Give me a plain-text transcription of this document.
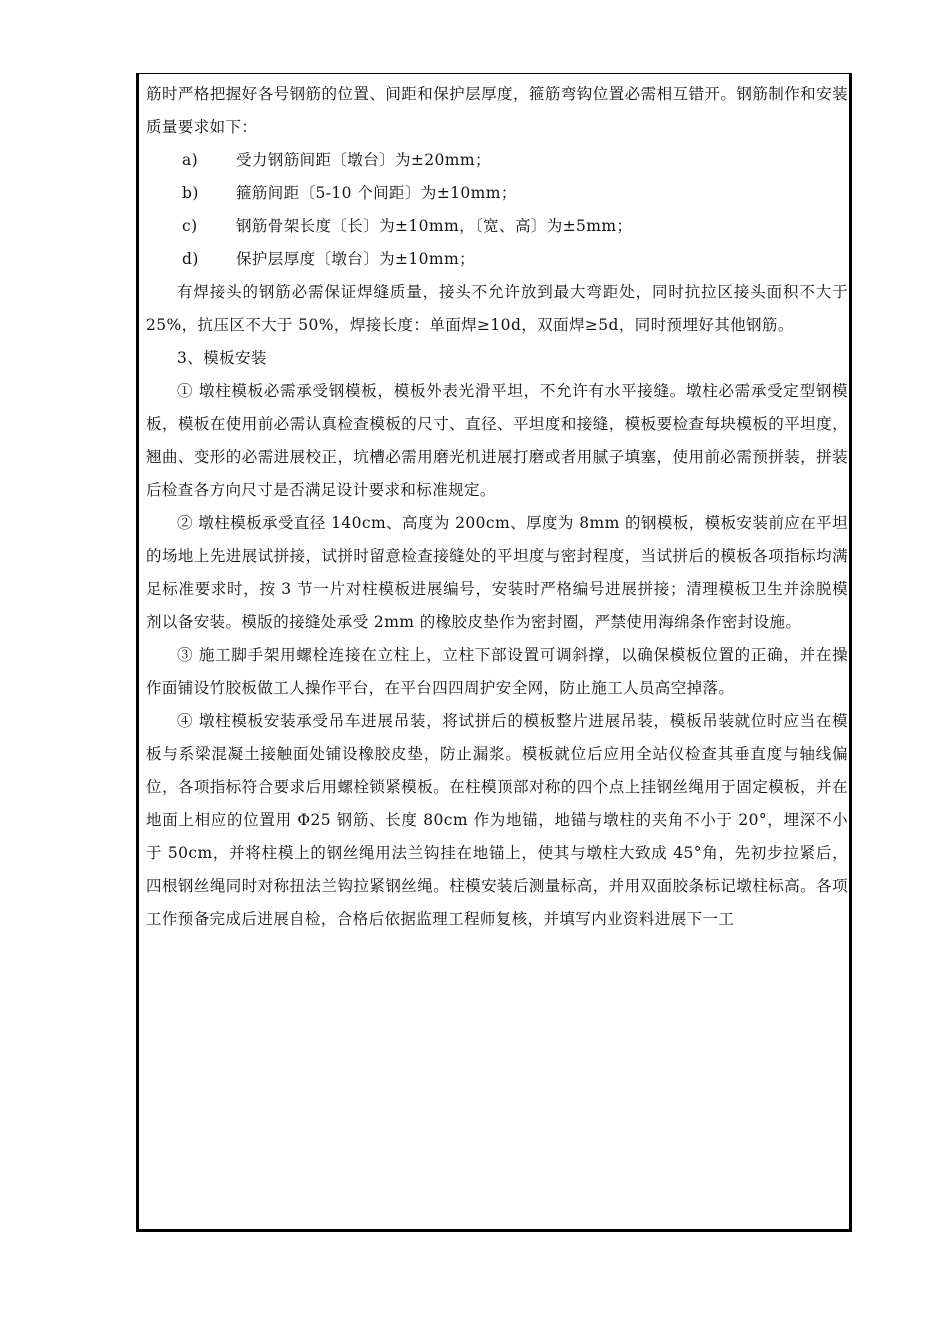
筋时严格把握好各号钢筋的位置、间距和保护层厚度，箍筋弯钩位置必需相互错开。钢筋制作和安装质量要求如下：

a)	受力钢筋间距〔墩台〕为±20mm；
b)	箍筋间距〔5-10 个间距〕为±10mm；
c)	钢筋骨架长度〔长〕为±10mm，〔宽、高〕为±5mm；
d)	保护层厚度〔墩台〕为±10mm；

有焊接头的钢筋必需保证焊缝质量，接头不允许放到最大弯距处，同时抗拉区接头面积不大于 25%，抗压区不大于 50%，焊接长度：单面焊≥10d，双面焊≥5d，同时预埋好其他钢筋。

3、模板安装

① 墩柱模板必需承受钢模板，模板外表光滑平坦，不允许有水平接缝。墩柱必需承受定型钢模板，模板在使用前必需认真检查模板的尺寸、直径、平坦度和接缝，模板要检查每块模板的平坦度，翘曲、变形的必需进展校正，坑槽必需用磨光机进展打磨或者用腻子填塞，使用前必需预拼装，拼装后检查各方向尺寸是否满足设计要求和标准规定。

② 墩柱模板承受直径 140cm、高度为 200cm、厚度为 8mm 的钢模板，模板安装前应在平坦的场地上先进展试拼接，试拼时留意检查接缝处的平坦度与密封程度，当试拼后的模板各项指标均满足标准要求时，按 3 节一片对柱模板进展编号，安装时严格编号进展拼接；清理模板卫生并涂脱模剂以备安装。模版的接缝处承受 2mm 的橡胶皮垫作为密封圈，严禁使用海绵条作密封设施。

③ 施工脚手架用螺栓连接在立柱上，立柱下部设置可调斜撑，以确保模板位置的正确，并在操作面铺设竹胶板做工人操作平台，在平台四四周护安全网，防止施工人员高空掉落。

④ 墩柱模板安装承受吊车进展吊装，将试拼后的模板整片进展吊装，模板吊装就位时应当在模板与系梁混凝土接触面处铺设橡胶皮垫，防止漏浆。模板就位后应用全站仪检查其垂直度与轴线偏位，各项指标符合要求后用螺栓锁紧模板。在柱模顶部对称的四个点上挂钢丝绳用于固定模板，并在地面上相应的位置用 Φ25 钢筋、长度 80cm 作为地锚，地锚与墩柱的夹角不小于 20°，埋深不小于 50cm，并将柱模上的钢丝绳用法兰钩挂在地锚上，使其与墩柱大致成 45°角，先初步拉紧后，四根钢丝绳同时对称扭法兰钩拉紧钢丝绳。柱模安装后测量标高，并用双面胶条标记墩柱标高。各项工作预备完成后进展自检，合格后依据监理工程师复核，并填写内业资料进展下一工
